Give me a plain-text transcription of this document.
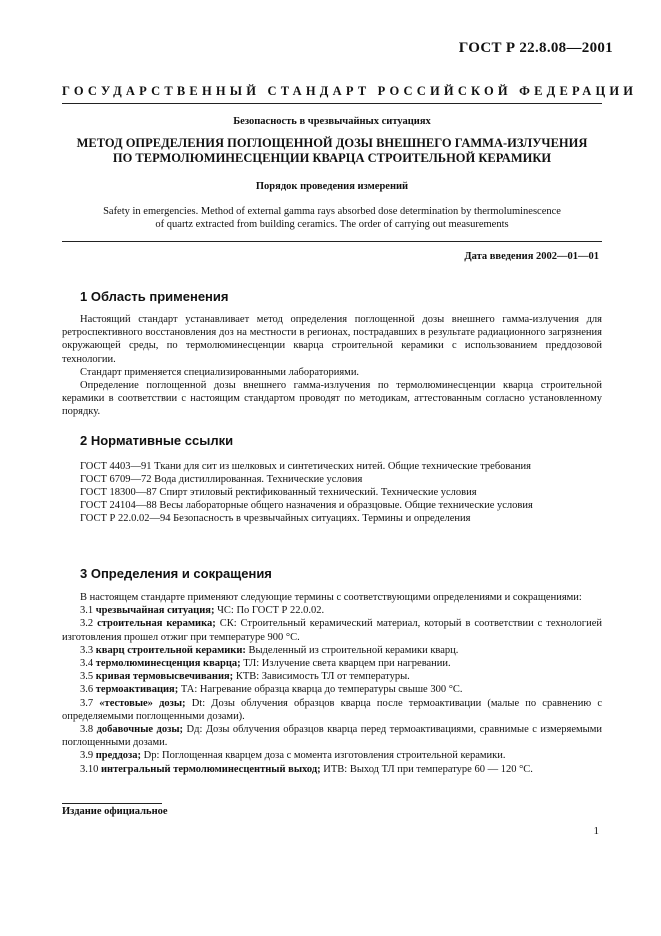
ГОСТ Р 22.8.08—2001
ГОСУДАРСТВЕННЫЙ СТАНДАРТ РОССИЙСКОЙ ФЕДЕРАЦИИ
Безопасность в чрезвычайных ситуациях
МЕТОД ОПРЕДЕЛЕНИЯ ПОГЛОЩЕННОЙ ДОЗЫ ВНЕШНЕГО ГАММА-ИЗЛУЧЕНИЯ
ПО ТЕРМОЛЮМИНЕСЦЕНЦИИ КВАРЦА СТРОИТЕЛЬНОЙ КЕРАМИКИ
Порядок проведения измерений
Safety in emergencies. Method of external gamma rays absorbed dose determination by thermoluminescence
of quartz extracted from building ceramics. The order of carrying out measurements
Дата введения 2002—01—01
1 Область применения

Настоящий стандарт устанавливает метод определения поглощенной дозы внешнего гамма-излучения для ретроспективного восстановления доз на местности в регионах, пострадавших в результате радиационного загрязнения окружающей среды, по термолюминесценции кварца строительной керамики с использованием преддозовой технологии.

Стандарт применяется специализированными лабораториями.

Определение поглощенной дозы внешнего гамма-излучения по термолюминесценции кварца строительной керамики в соответствии с настоящим стандартом проводят по методикам, аттестованным согласно установленному порядку.

2 Нормативные ссылки

ГОСТ 4403—91 Ткани для сит из шелковых и синтетических нитей. Общие технические требования

ГОСТ 6709—72 Вода дистиллированная. Технические условия

ГОСТ 18300—87 Спирт этиловый ректификованный технический. Технические условия

ГОСТ 24104—88 Весы лабораторные общего назначения и образцовые. Общие технические условия

ГОСТ Р 22.0.02—94 Безопасность в чрезвычайных ситуациях. Термины и определения

3 Определения и сокращения

В настоящем стандарте применяют следующие термины с соответствующими определениями и сокращениями:

3.1 чрезвычайная ситуация; ЧС: По ГОСТ Р 22.0.02.

3.2 строительная керамика; СК: Строительный керамический материал, который в соответствии с технологией изготовления прошел отжиг при температуре 900 °С.

3.3 кварц строительной керамики: Выделенный из строительной керамики кварц.

3.4 термолюминесценция кварца; ТЛ: Излучение света кварцем при нагревании.

3.5 кривая термовысвечивания; КТВ: Зависимость ТЛ от температуры.

3.6 термоактивация; ТА: Нагревание образца кварца до температуры свыше 300 °С.

3.7 «тестовые» дозы; Dt: Дозы облучения образцов кварца после термоактивации (малые по сравнению с определяемыми поглощенными дозами).

3.8 добавочные дозы; Dд: Дозы облучения образцов кварца перед термоактивациями, сравнимые с измеряемыми поглощенными дозами.

3.9 преддоза; Dp: Поглощенная кварцем доза с момента изготовления строительной керамики.

3.10 интегральный термолюминесцентный выход; ИТВ: Выход ТЛ при температуре 60 — 120 °С.

Издание официальное
1
